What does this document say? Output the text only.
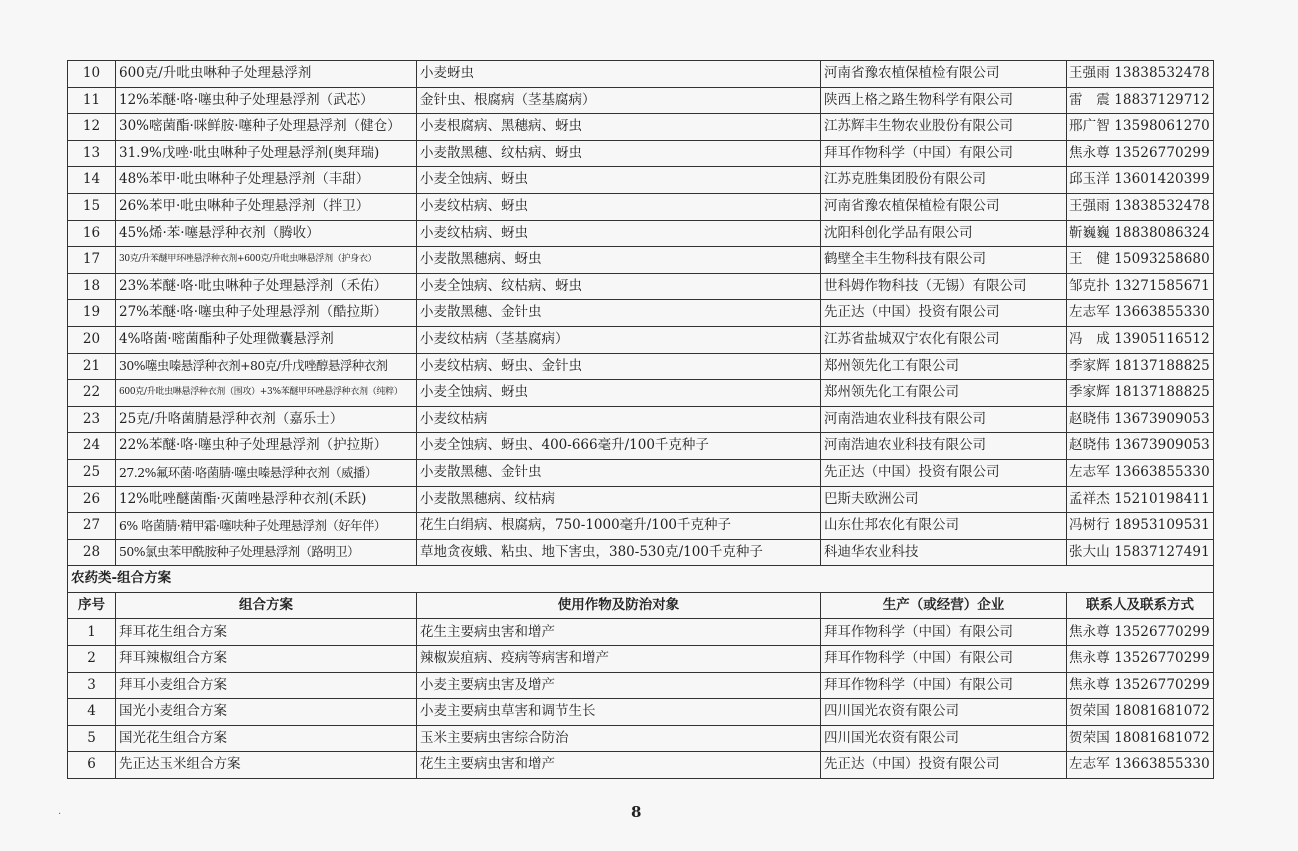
10	600克/升吡虫啉种子处理悬浮剂	小麦蚜虫	河南省豫农植保植检有限公司	王强雨 13838532478
11	12%苯醚·咯·噻虫种子处理悬浮剂（武芯）	金针虫、根腐病（茎基腐病）	陕西上格之路生物科学有限公司	雷　震 18837129712
12	30%嘧菌酯·咪鲜胺·噻种子处理悬浮剂（健仓）	小麦根腐病、黑穗病、蚜虫	江苏辉丰生物农业股份有限公司	邢广智 13598061270
13	31.9%戊唑·吡虫啉种子处理悬浮剂(奥拜瑞)	小麦散黑穗、纹枯病、蚜虫	拜耳作物科学（中国）有限公司	焦永尊 13526770299
14	48%苯甲·吡虫啉种子处理悬浮剂（丰甜）	小麦全蚀病、蚜虫	江苏克胜集团股份有限公司	邱玉洋 13601420399
15	26%苯甲·吡虫啉种子处理悬浮剂（拌卫）	小麦纹枯病、蚜虫	河南省豫农植保植检有限公司	王强雨 13838532478
16	45%烯·苯·噻悬浮种衣剂（腾收）	小麦纹枯病、蚜虫	沈阳科创化学品有限公司	靳巍巍 18838086324
17	30克/升苯醚甲环唑悬浮种衣剂+600克/升吡虫啉悬浮剂（护身衣）	小麦散黑穗病、蚜虫	鹤壁全丰生物科技有限公司	王　健 15093258680
18	23%苯醚·咯·吡虫啉种子处理悬浮剂（禾佑）	小麦全蚀病、纹枯病、蚜虫	世科姆作物科技（无锡）有限公司	邹克扑 13271585671
19	27%苯醚·咯·噻虫种子处理悬浮剂（酷拉斯）	小麦散黑穗、金针虫	先正达（中国）投资有限公司	左志军 13663855330
20	4%咯菌·嘧菌酯种子处理微囊悬浮剂	小麦纹枯病（茎基腐病）	江苏省盐城双宁农化有限公司	冯　成 13905116512
21	30%噻虫嗪悬浮种衣剂+80克/升戊唑醇悬浮种衣剂	小麦纹枯病、蚜虫、金针虫	郑州领先化工有限公司	季家辉 18137188825
22	600克/升吡虫啉悬浮种衣剂（围攻）+3%苯醚甲环唑悬浮种衣剂（纯粹）	小麦全蚀病、蚜虫	郑州领先化工有限公司	季家辉 18137188825
23	25克/升咯菌腈悬浮种衣剂（嘉乐士）	小麦纹枯病	河南浩迪农业科技有限公司	赵晓伟 13673909053
24	22%苯醚·咯·噻虫种子处理悬浮剂（护拉斯）	小麦全蚀病、蚜虫、400-666毫升/100千克种子	河南浩迪农业科技有限公司	赵晓伟 13673909053
25	27.2%氟环菌·咯菌腈·噻虫嗪悬浮种衣剂（威播）	小麦散黑穗、金针虫	先正达（中国）投资有限公司	左志军 13663855330
26	12%吡唑醚菌酯·灭菌唑悬浮种衣剂(禾跃)	小麦散黑穗病、纹枯病	巴斯夫欧洲公司	孟祥杰 15210198411
27	6% 咯菌腈·精甲霜·噻呋种子处理悬浮剂（好年伴）	花生白绢病、根腐病，750-1000毫升/100千克种子	山东仕邦农化有限公司	冯树行 18953109531
28	50%氯虫苯甲酰胺种子处理悬浮剂（路明卫）	草地贪夜蛾、粘虫、地下害虫，380-530克/100千克种子	科迪华农业科技	张大山 15837127491
农药类-组合方案				
序号	组合方案	使用作物及防治对象	生产（或经营）企业	联系人及联系方式
1	拜耳花生组合方案	花生主要病虫害和增产	拜耳作物科学（中国）有限公司	焦永尊 13526770299
2	拜耳辣椒组合方案	辣椒炭疽病、疫病等病害和增产	拜耳作物科学（中国）有限公司	焦永尊 13526770299
3	拜耳小麦组合方案	小麦主要病虫害及增产	拜耳作物科学（中国）有限公司	焦永尊 13526770299
4	国光小麦组合方案	小麦主要病虫草害和调节生长	四川国光农资有限公司	贺荣国 18081681072
5	国光花生组合方案	玉米主要病虫害综合防治	四川国光农资有限公司	贺荣国 18081681072
6	先正达玉米组合方案	花生主要病虫害和增产	先正达（中国）投资有限公司	左志军 13663855330
.	8
